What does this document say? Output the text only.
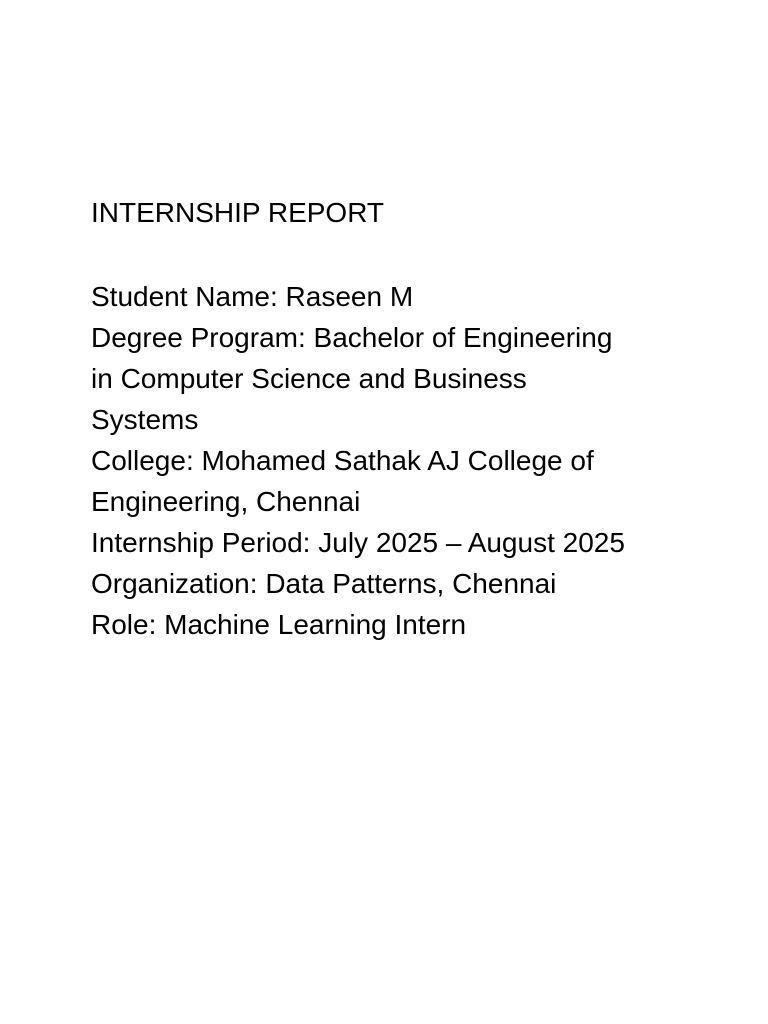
INTERNSHIP REPORT

Student Name: Raseen M

Degree Program: Bachelor of Engineering

in Computer Science and Business

Systems

College: Mohamed Sathak AJ College of

Engineering, Chennai

Internship Period: July 2025 – August 2025

Organization: Data Patterns, Chennai

Role: Machine Learning Intern
